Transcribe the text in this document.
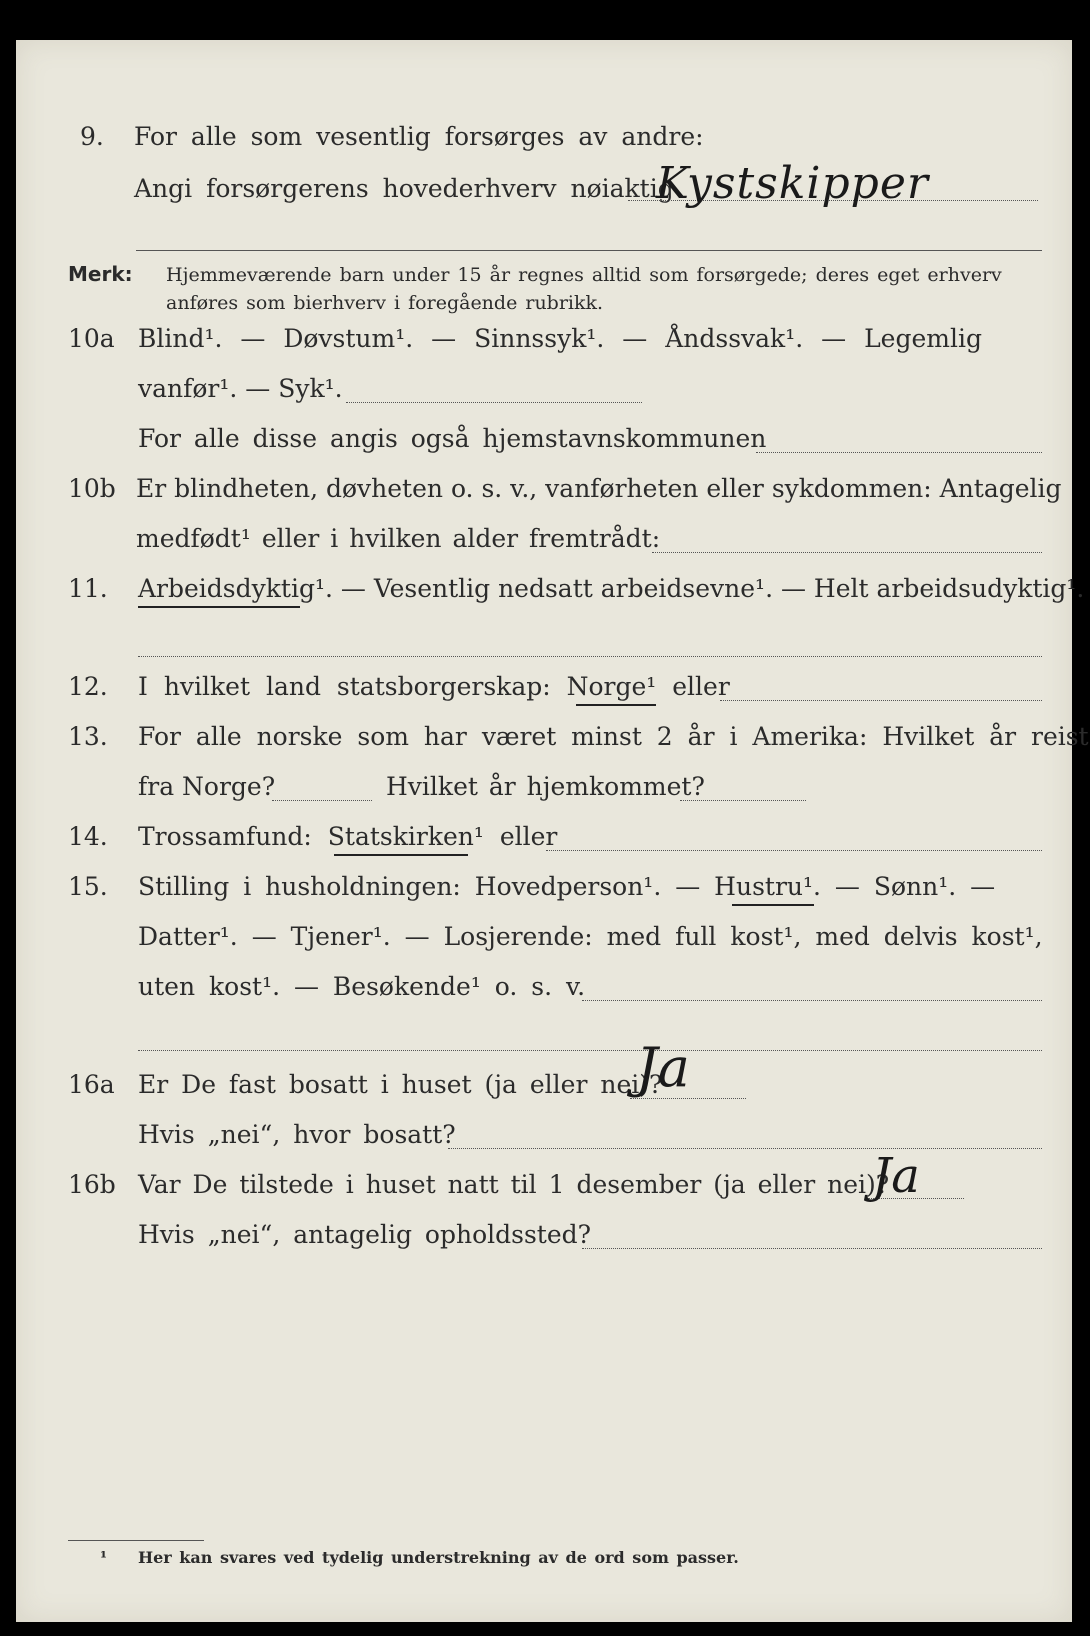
9. For alle som vesentlig forsørges av andre:
Angi forsørgerens hovederhverv nøiaktig
Kystskipper
Merk: Hjemmeværende barn under 15 år regnes alltid som forsørgede; deres eget erhverv
anføres som bierhverv i foregående rubrikk.
10a Blind¹. — Døvstum¹. — Sinnssyk¹. — Åndssvak¹. — Legemlig
vanfør¹. — Syk¹.
For alle disse angis også hjemstavnskommunen
10b Er blindheten, døvheten o. s. v., vanførheten eller sykdommen: Antagelig
medfødt¹ eller i hvilken alder fremtrådt:
11. Arbeidsdyktig¹. — Vesentlig nedsatt arbeidsevne¹. — Helt arbeidsudyktig¹.
12. I hvilket land statsborgerskap: Norge¹ eller
13. For alle norske som har været minst 2 år i Amerika: Hvilket år reist
fra Norge?	Hvilket år hjemkommet?
14. Trossamfund: Statskirken¹ eller
15. Stilling i husholdningen: Hovedperson¹. — Hustru¹. — Sønn¹. —
Datter¹. — Tjener¹. — Losjerende: med full kost¹, med delvis kost¹,
uten kost¹. — Besøkende¹ o. s. v.
16a Er De fast bosatt i huset (ja eller nei)?
Ja
Hvis „nei“, hvor bosatt?
16b Var De tilstede i huset natt til 1 desember (ja eller nei)?
Ja
Hvis „nei“, antagelig opholdssted?
¹ Her kan svares ved tydelig understrekning av de ord som passer.
